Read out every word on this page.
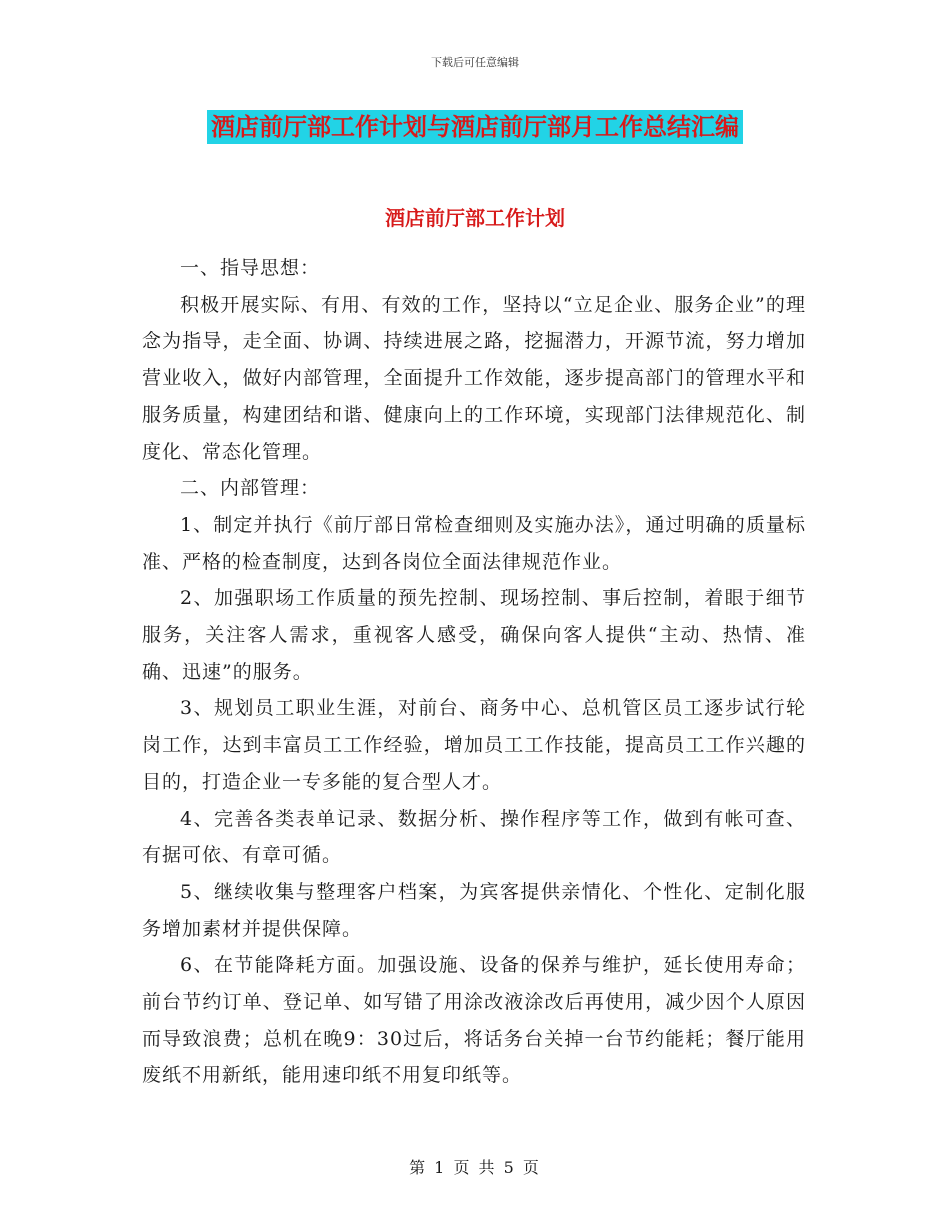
下载后可任意编辑
酒店前厅部工作计划与酒店前厅部月工作总结汇编
酒店前厅部工作计划

一、指导思想：

积极开展实际、有用、有效的工作，坚持以“立足企业、服务企业”的理念为指导，走全面、协调、持续进展之路，挖掘潜力，开源节流，努力增加营业收入，做好内部管理，全面提升工作效能，逐步提高部门的管理水平和服务质量，构建团结和谐、健康向上的工作环境，实现部门法律规范化、制度化、常态化管理。

二、内部管理：

1、制定并执行《前厅部日常检查细则及实施办法》，通过明确的质量标准、严格的检查制度，达到各岗位全面法律规范作业。

2、加强职场工作质量的预先控制、现场控制、事后控制，着眼于细节服务，关注客人需求，重视客人感受，确保向客人提供“主动、热情、准确、迅速”的服务。

3、规划员工职业生涯，对前台、商务中心、总机管区员工逐步试行轮岗工作，达到丰富员工工作经验，增加员工工作技能，提高员工工作兴趣的目的，打造企业一专多能的复合型人才。

4、完善各类表单记录、数据分析、操作程序等工作，做到有帐可查、有据可依、有章可循。

5、继续收集与整理客户档案，为宾客提供亲情化、个性化、定制化服务增加素材并提供保障。

6、在节能降耗方面。加强设施、设备的保养与维护，延长使用寿命；前台节约订单、登记单、如写错了用涂改液涂改后再使用，减少因个人原因而导致浪费；总机在晚9：30过后，将话务台关掉一台节约能耗；餐厅能用废纸不用新纸，能用速印纸不用复印纸等。

第 1 页 共 5 页
